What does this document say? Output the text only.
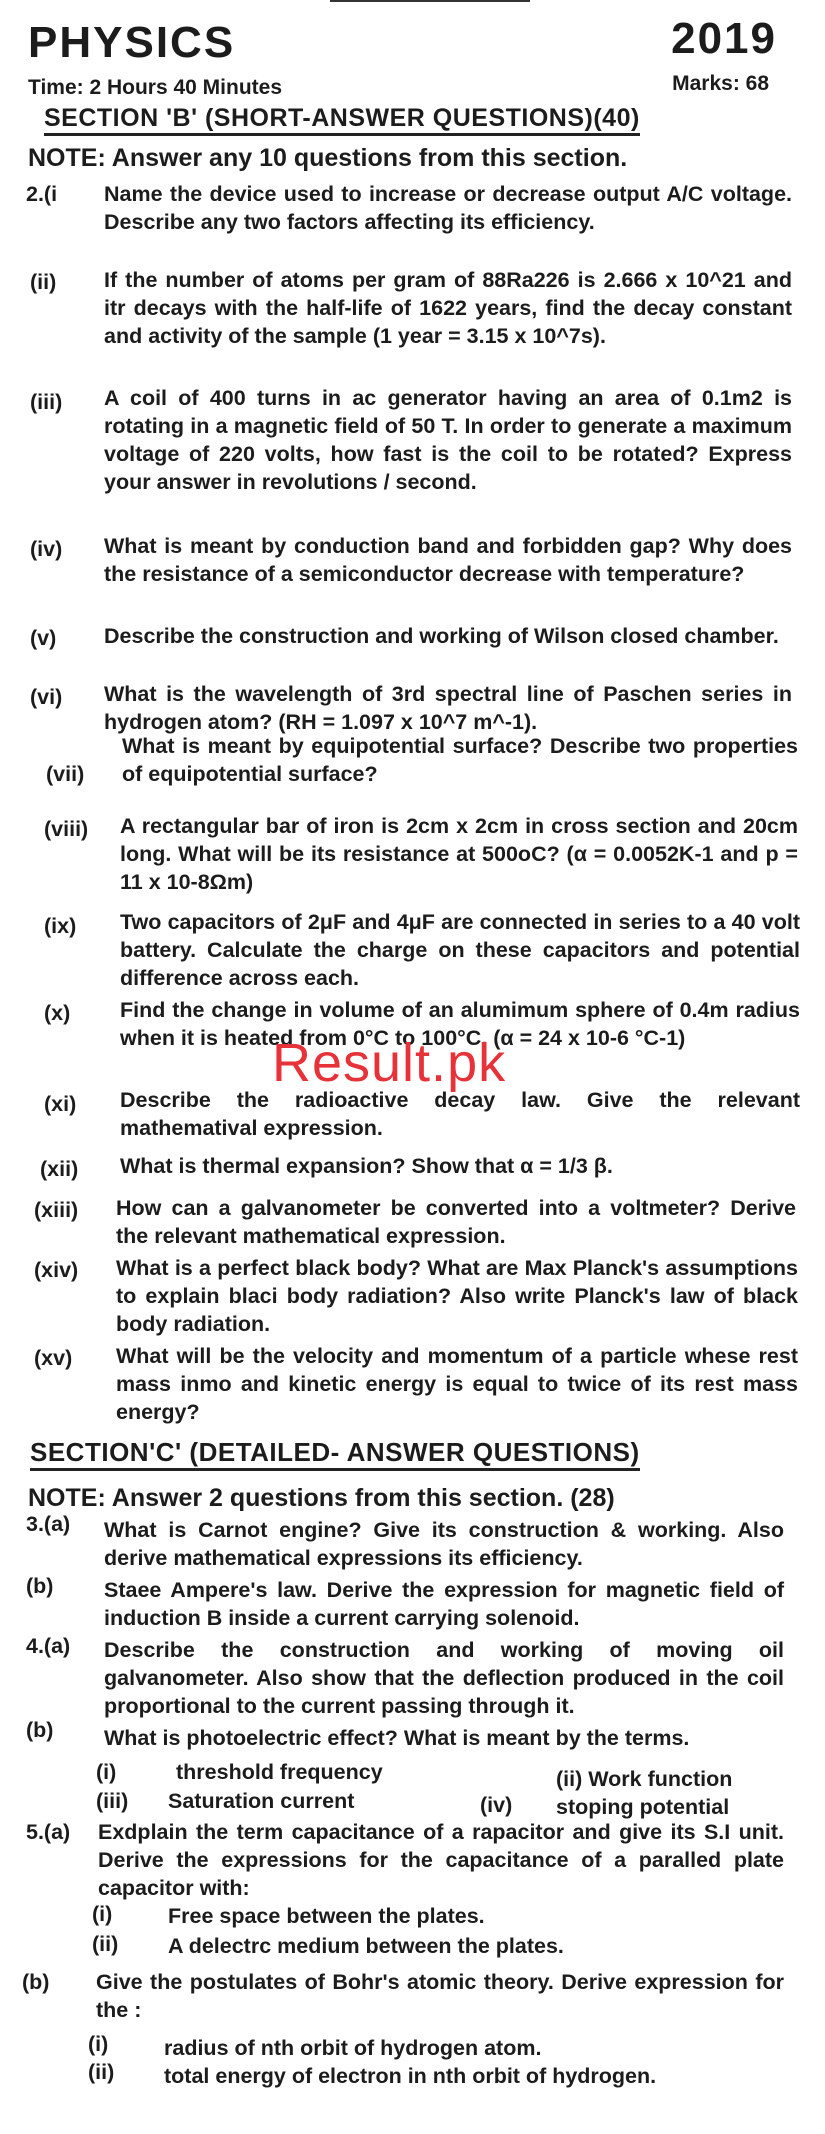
PHYSICS	2019
Time: 2 Hours 40 Minutes	Marks: 68
SECTION 'B' (SHORT-ANSWER QUESTIONS)(40)
NOTE: Answer any 10 questions from this section.
2.(i Name the device used to increase or decrease output A/C voltage. Describe any two factors affecting its efficiency.
(ii) If the number of atoms per gram of 88Ra226 is 2.666 x 10^21 and itr decays with the half-life of 1622 years, find the decay constant and activity of the sample (1 year = 3.15 x 10^7s).
(iii) A coil of 400 turns in ac generator having an area of 0.1m2 is rotating in a magnetic field of 50 T. In order to generate a maximum voltage of 220 volts, how fast is the coil to be rotated? Express your answer in revolutions / second.
(iv) What is meant by conduction band and forbidden gap? Why does the resistance of a semiconductor decrease with temperature?
(v) Describe the construction and working of Wilson closed chamber.
(vi) What is the wavelength of 3rd spectral line of Paschen series in hydrogen atom? (RH = 1.097 x 10^7 m^-1).
(vii)
What is meant by equipotential surface? Describe two properties of equipotential surface?
(viii) A rectangular bar of iron is 2cm x 2cm in cross section and 20cm long. What will be its resistance at 500oC? (α = 0.0052K-1 and p = 11 x 10-8Ωm)
(ix) Two capacitors of 2μF and 4μF are connected in series to a 40 volt battery. Calculate the charge on these capacitors and potential difference across each.
(x) Find the change in volume of an alumimum sphere of 0.4m radius when it is heated from 0°C to 100°C. (α = 24 x 10-6 °C-1)
(xi) Describe the radioactive decay law. Give the relevant mathematival expression.
(xii) What is thermal expansion? Show that α = 1/3 β.
(xiii) How can a galvanometer be converted into a voltmeter? Derive the relevant mathematical expression.
(xiv) What is a perfect black body? What are Max Planck's assumptions to explain blaci body radiation? Also write Planck's law of black body radiation.
(xv) What will be the velocity and momentum of a particle whese rest mass inmo and kinetic energy is equal to twice of its rest mass energy?
SECTION'C' (DETAILED- ANSWER QUESTIONS)
NOTE: Answer 2 questions from this section. (28)
3.(a) What is Carnot engine? Give its construction & working. Also derive mathematical expressions its efficiency.
(b) Staee Ampere's law. Derive the expression for magnetic field of induction B inside a current carrying solenoid.
4.(a) Describe the construction and working of moving oil galvanometer. Also show that the deflection produced in the coil proportional to the current passing through it.
(b) What is photoelectric effect? What is meant by the terms.
5.(a) Exdplain the term capacitance of a rapacitor and give its S.I unit. Derive the expressions for the capacitance of a paralled plate capacitor with:
(b) Give the postulates of Bohr's atomic theory. Derive expression for the :
(i)	threshold frequency	(ii) Work function
(iii) Saturation current	(iv) stoping potential
(i)	Free space between the plates.
(ii) A delectrc medium between the plates.
(i)	radius of nth orbit of hydrogen atom.
(ii) total energy of electron in nth orbit of hydrogen.
Result.pk
